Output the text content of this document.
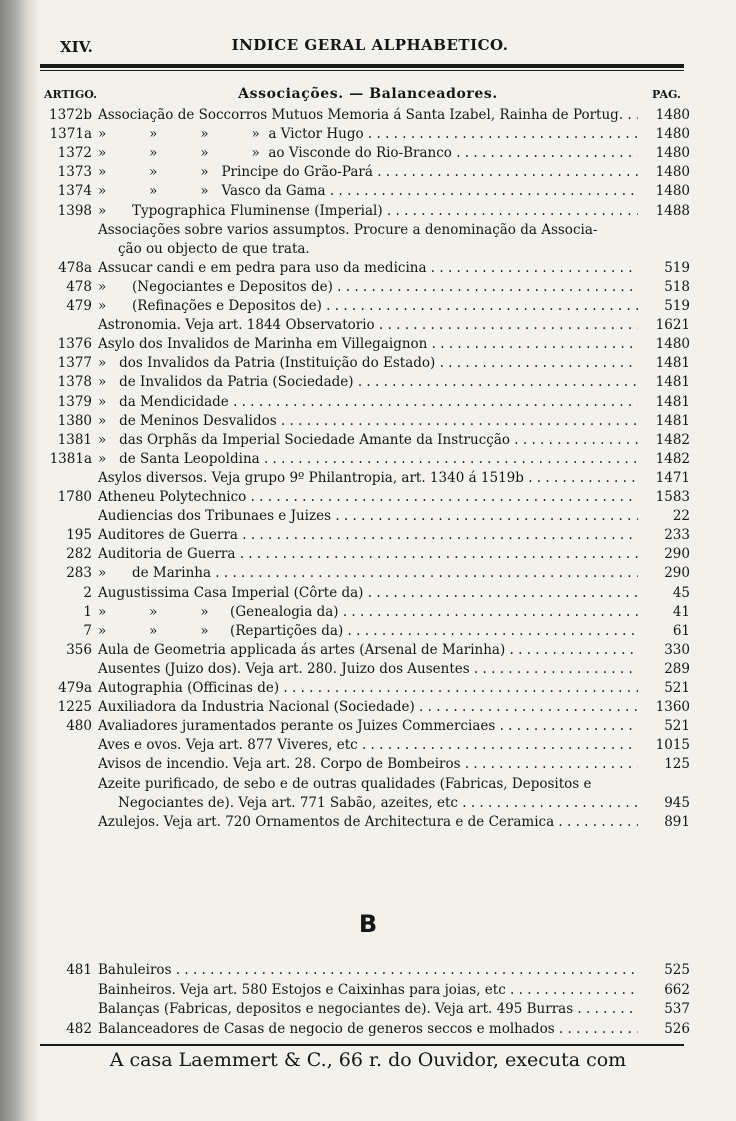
XIV.	INDICE GERAL ALPHABETICO.
ARTIGO.	Associações. — Balanceadores.	PAG.
1372b Associação de Soccorros Mutuos Memoria á Santa Izabel, Rainha de Portug. . . .	1480
1371a »          »          »          »  a Victor Hugo . . .	1480
1372 »          »          »          »  ao Visconde do Rio-Branco . . .	1480
1373 »          »          »   Principe do Grão-Pará . . .	1480
1374 »          »          »   Vasco da Gama . . .	1480
1398 »      Typographica Fluminense (Imperial) . . .	1488
Associações sobre varios assumptos. Procure a denominação da Associa-
ção ou objecto de que trata.
478a Assucar candi e em pedra para uso da medicina . . .	519
478 »      (Negociantes e Depositos de) . . .	518
479 »      (Refinações e Depositos de) . . .	519
Astronomia. Veja art. 1844 Observatorio . . .	1621
1376 Asylo dos Invalidos de Marinha em Villegaignon . . .	1480
1377 »   dos Invalidos da Patria (Instituição do Estado) . . .	1481
1378 »   de Invalidos da Patria (Sociedade) . . .	1481
1379 »   da Mendicidade . . .	1481
1380 »   de Meninos Desvalidos . . .	1481
1381 »   das Orphãs da Imperial Sociedade Amante da Instrucção . . .	1482
1381a »   de Santa Leopoldina . . .	1482
Asylos diversos. Veja grupo 9º Philantropia, art. 1340 á 1519b . . .	1471
1780 Atheneu Polytechnico . . .	1583
Audiencias dos Tribunaes e Juizes . . .	22
195 Auditores de Guerra . . .	233
282 Auditoria de Guerra . . .	290
283 »      de Marinha . . .	290
2 Augustissima Casa Imperial (Côrte da) . . .	45
1 »          »          »     (Genealogia da) . . .	41
7 »          »          »     (Repartições da) . . .	61
356 Aula de Geometria applicada ás artes (Arsenal de Marinha) . . .	330
Ausentes (Juizo dos). Veja art. 280. Juizo dos Ausentes . . .	289
479a Autographia (Officinas de) . . .	521
1225 Auxiliadora da Industria Nacional (Sociedade) . . .	1360
480 Avaliadores juramentados perante os Juizes Commerciaes . . .	521
Aves e ovos. Veja art. 877 Viveres, etc . . .	1015
Avisos de incendio. Veja art. 28. Corpo de Bombeiros . . .	125
Azeite purificado, de sebo e de outras qualidades (Fabricas, Depositos e
Negociantes de). Veja art. 771 Sabão, azeites, etc . . .	945
Azulejos. Veja art. 720 Ornamentos de Architectura e de Ceramica . . .	891
B
481 Bahuleiros . . .	525
Bainheiros. Veja art. 580 Estojos e Caixinhas para joias, etc . . .	662
Balanças (Fabricas, depositos e negociantes de). Veja art. 495 Burras . . .	537
482 Balanceadores de Casas de negocio de generos seccos e molhados . . .	526
A casa Laemmert & C., 66 r. do Ouvidor, executa com
